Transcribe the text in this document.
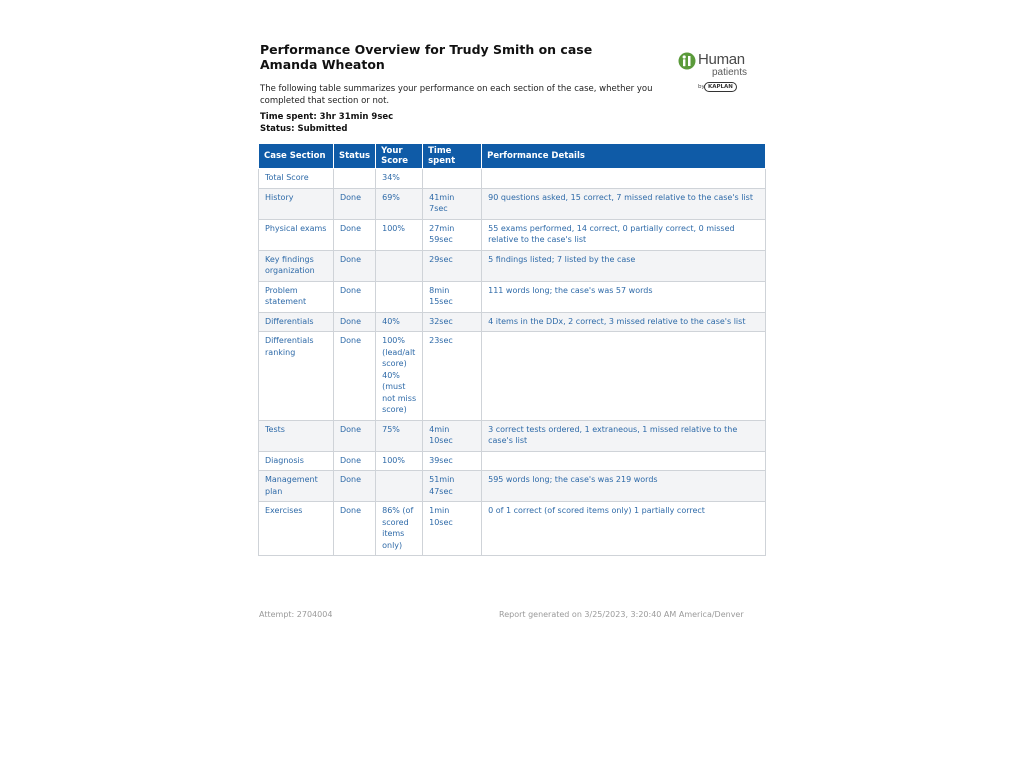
Performance Overview for Trudy Smith on case Amanda Wheaton	Human
patients
by KAPLAN

The following table summarizes your performance on each section of the case, whether you completed that section or not.

Time spent: 3hr 31min 9sec
Status: Submitted
Case Section	Status	Your Score	Time spent	Performance Details
Total Score		34%		
History	Done	69%	41min 7sec	90 questions asked, 15 correct, 7 missed relative to the case's list
Physical exams	Done	100%	27min 59sec	55 exams performed, 14 correct, 0 partially correct, 0 missed relative to the case's list
Key findings organization	Done		29sec	5 findings listed; 7 listed by the case
Problem statement	Done		8min 15sec	111 words long; the case's was 57 words
Differentials	Done	40%	32sec	4 items in the DDx, 2 correct, 3 missed relative to the case's list
Differentials ranking	Done	100% (lead/alt score) 40% (must not miss score)	23sec	
Tests	Done	75%	4min 10sec	3 correct tests ordered, 1 extraneous, 1 missed relative to the case's list
Diagnosis	Done	100%	39sec	
Management plan	Done		51min 47sec	595 words long; the case's was 219 words
Exercises	Done	86% (of scored items only)	1min 10sec	0 of 1 correct (of scored items only) 1 partially correct
Attempt: 2704004	Report generated on 3/25/2023, 3:20:40 AM America/Denver
